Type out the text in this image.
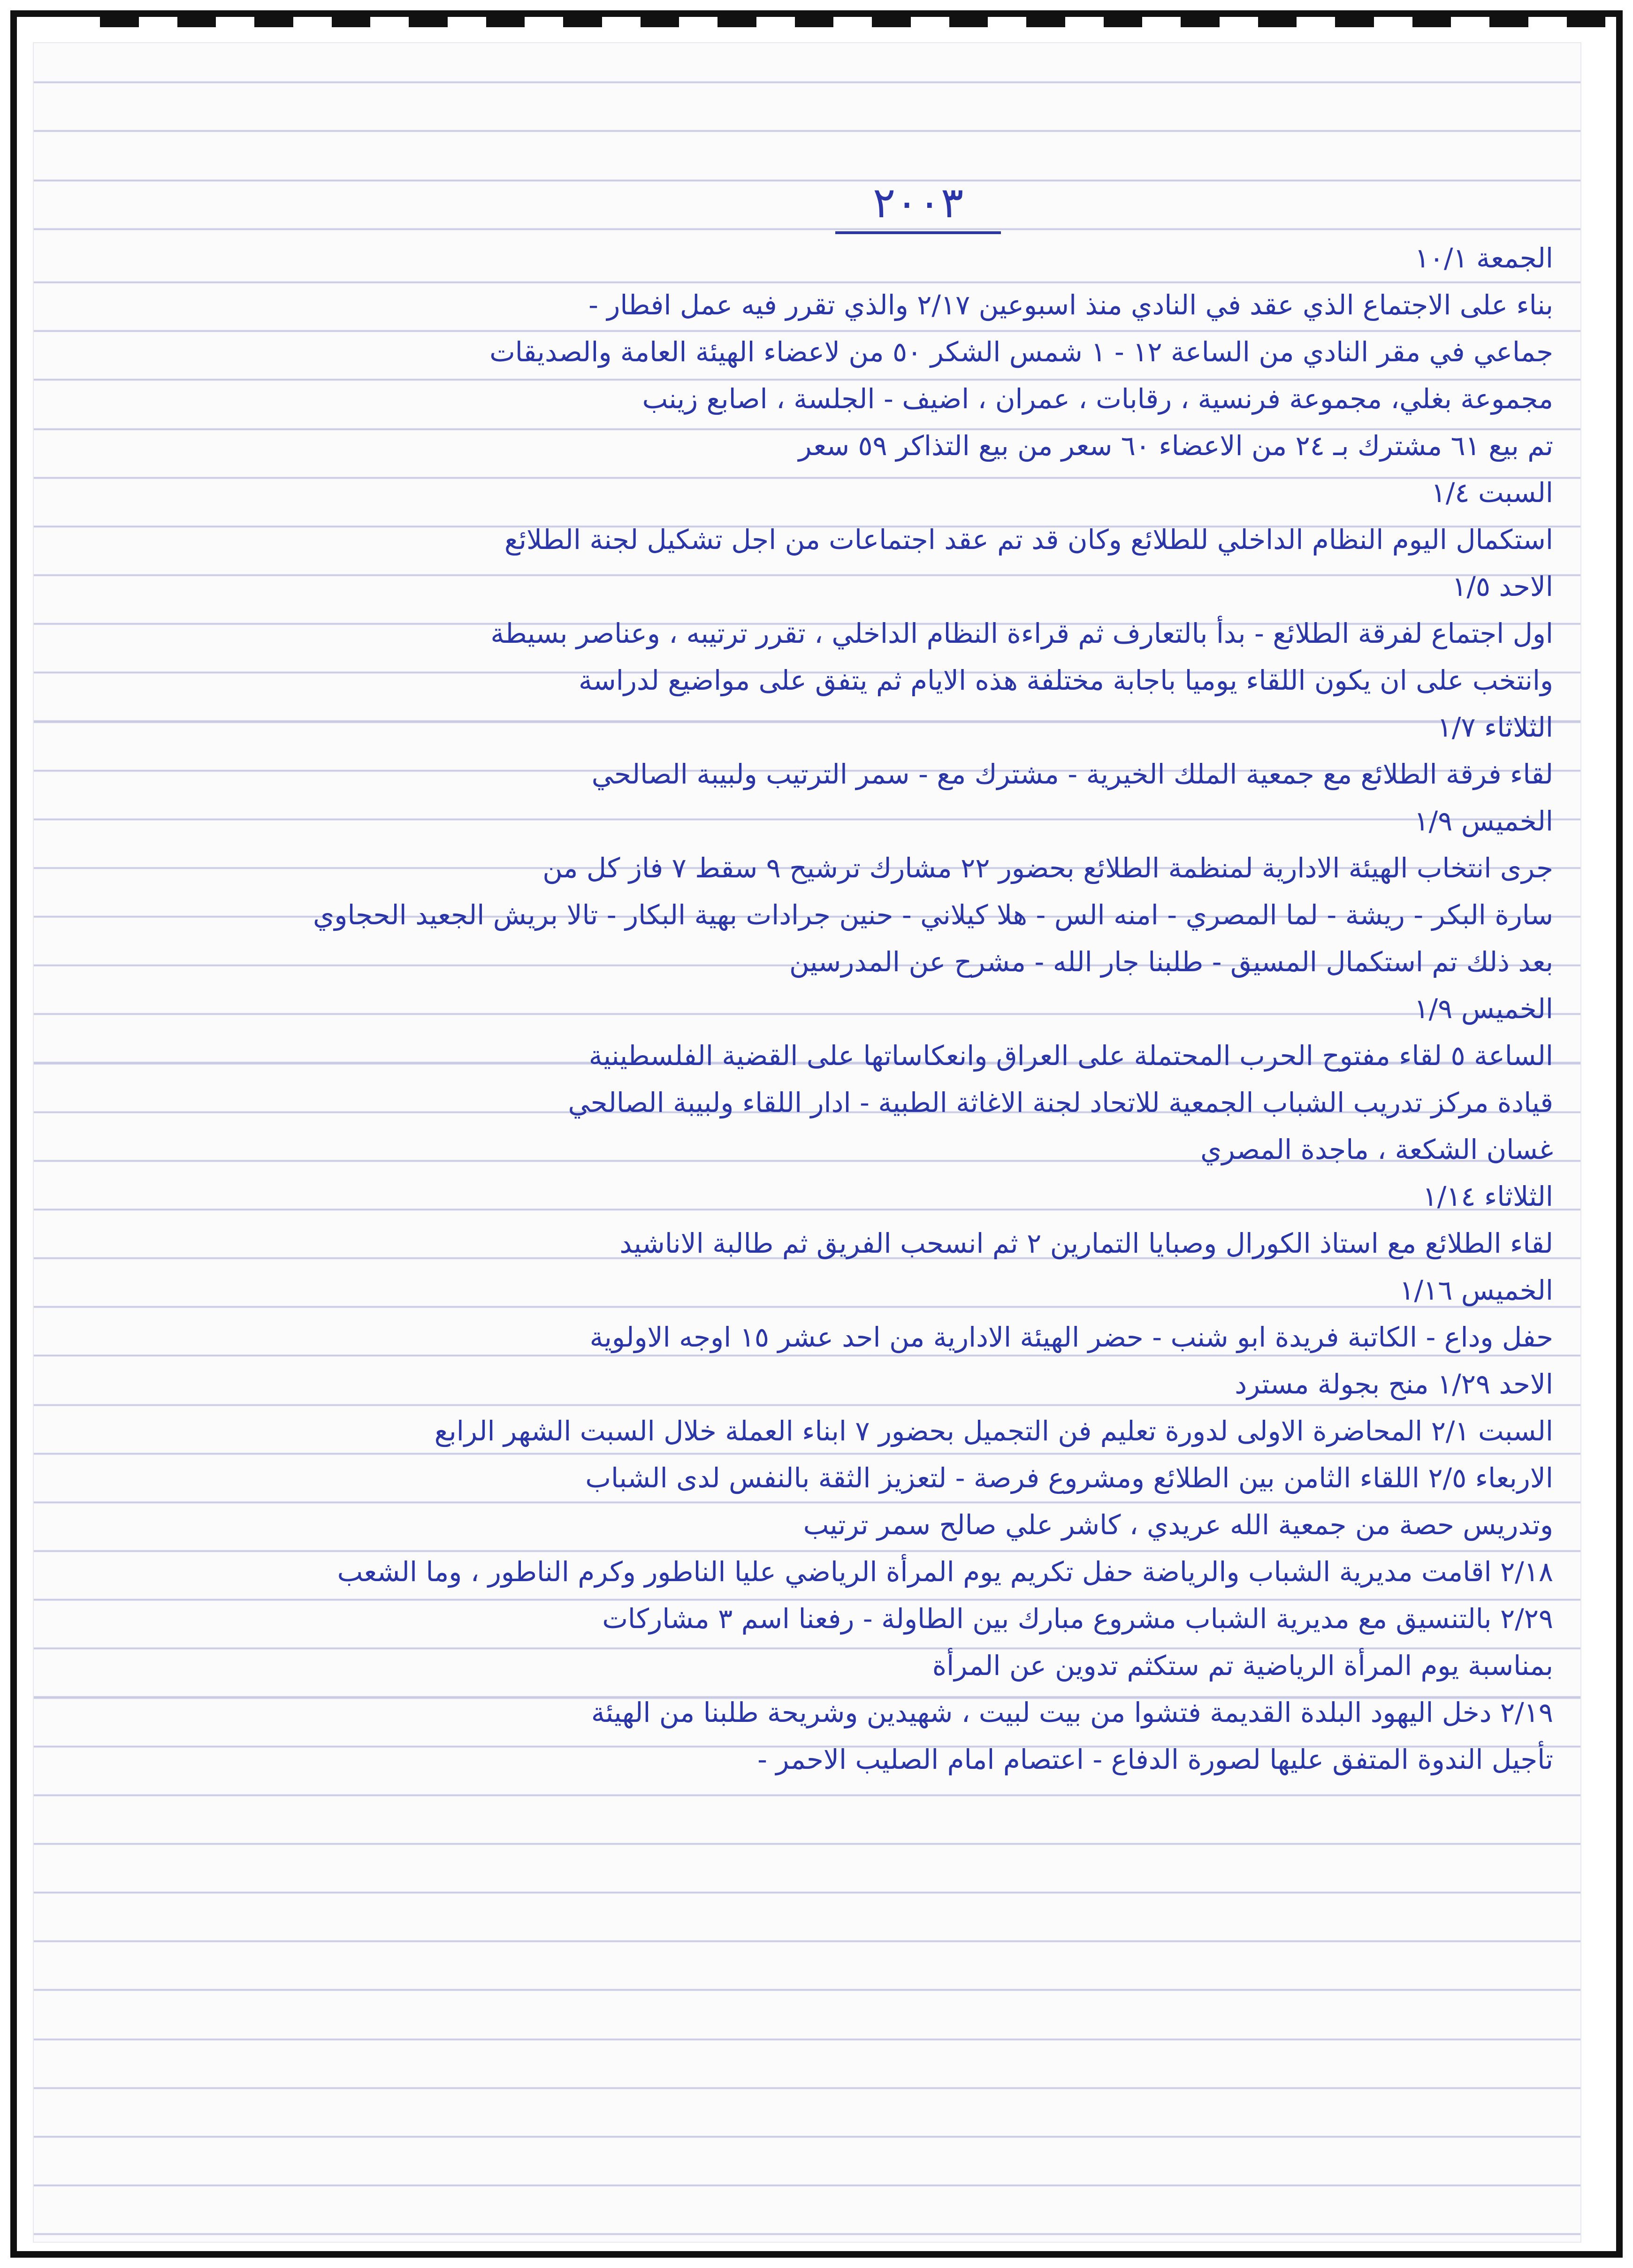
٢٠٠٣
الجمعة ١٠/١
بناء على الاجتماع الذي عقد في النادي منذ اسبوعين ٢/١٧ والذي تقرر فيه عمل افطار -
جماعي في مقر النادي من الساعة ١٢ - ١ شمس الشكر ٥٠ من لاعضاء الهيئة العامة والصديقات
مجموعة بغلي، مجموعة فرنسية ، رقابات ، عمران ، اضيف - الجلسة ، اصابع زينب
تم بيع ٦١ مشترك بـ ٢٤ من الاعضاء ٦٠ سعر من بيع التذاكر ٥٩ سعر
السبت ١/٤
استكمال اليوم النظام الداخلي للطلائع وكان قد تم عقد اجتماعات من اجل تشكيل لجنة الطلائع
الاحد ١/٥
اول اجتماع لفرقة الطلائع - بدأ بالتعارف ثم قراءة النظام الداخلي ، تقرر ترتيبه ، وعناصر بسيطة
وانتخب على ان يكون اللقاء يوميا باجابة مختلفة هذه الايام ثم يتفق على مواضيع لدراسة
الثلاثاء ١/٧
لقاء فرقة الطلائع مع جمعية الملك الخيرية - مشترك مع - سمر الترتيب ولبيبة الصالحي
الخميس ١/٩
جرى انتخاب الهيئة الادارية لمنظمة الطلائع بحضور ٢٢ مشارك ترشيح ٩ سقط ٧ فاز كل من
سارة البكر - ريشة - لما المصري - امنه الس - هلا كيلاني - حنين جرادات بهية البكار - تالا بريش الجعيد الحجاوي
بعد ذلك تم استكمال المسيق - طلبنا جار الله - مشرح عن المدرسين
الخميس ١/٩
الساعة ٥ لقاء مفتوح الحرب المحتملة على العراق وانعكاساتها على القضية الفلسطينية
قيادة مركز تدريب الشباب الجمعية للاتحاد لجنة الاغاثة الطبية - ادار اللقاء ولبيبة الصالحي
غسان الشكعة ، ماجدة المصري
الثلاثاء ١/١٤
لقاء الطلائع مع استاذ الكورال وصبايا التمارين ٢ ثم انسحب الفريق ثم طالبة الاناشيد
الخميس ١/١٦
حفل وداع - الكاتبة فريدة ابو شنب - حضر الهيئة الادارية من احد عشر ١٥ اوجه الاولوية
الاحد ١/٢٩ منح بجولة مسترد
السبت ٢/١ المحاضرة الاولى لدورة تعليم فن التجميل بحضور ٧ ابناء العملة خلال السبت الشهر الرابع
الاربعاء ٢/٥ اللقاء الثامن بين الطلائع ومشروع فرصة - لتعزيز الثقة بالنفس لدى الشباب
وتدريس حصة من جمعية الله عريدي ، كاشر علي صالح سمر ترتيب
٢/١٨ اقامت مديرية الشباب والرياضة حفل تكريم يوم المرأة الرياضي عليا الناطور وكرم الناطور ، وما الشعب
٢/٢٩ بالتنسيق مع مديرية الشباب مشروع مبارك بين الطاولة - رفعنا اسم ٣ مشاركات
بمناسبة يوم المرأة الرياضية تم ستكثم تدوين عن المرأة
٢/١٩ دخل اليهود البلدة القديمة فتشوا من بيت لبيت ، شهيدين وشريحة طلبنا من الهيئة
تأجيل الندوة المتفق عليها لصورة الدفاع - اعتصام امام الصليب الاحمر -
